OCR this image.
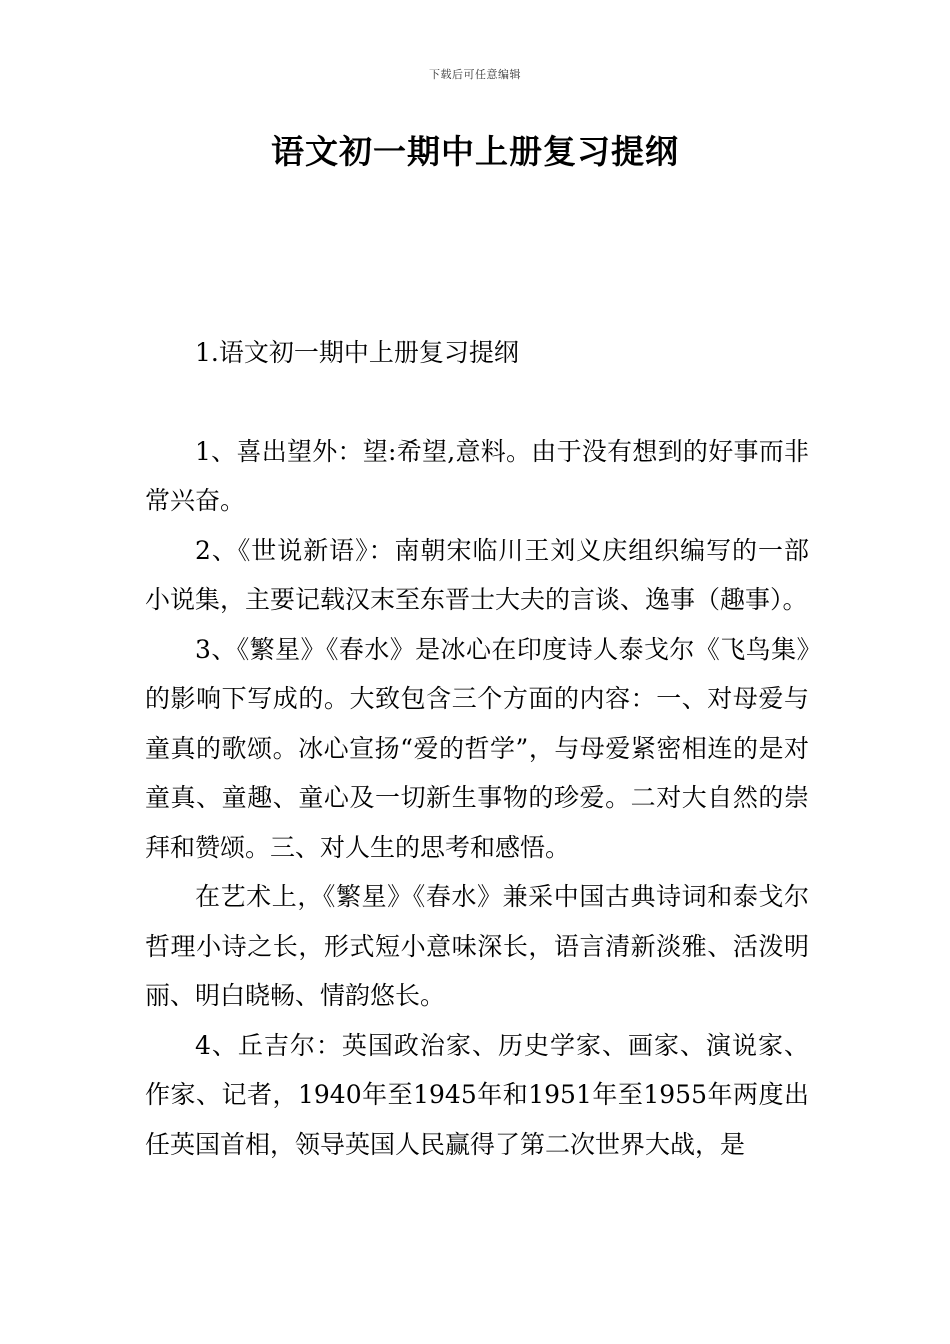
下载后可任意编辑
语文初一期中上册复习提纲

1.语文初一期中上册复习提纲

1、喜出望外：望:希望,意料。由于没有想到的好事而非常兴奋。

2、《世说新语》：南朝宋临川王刘义庆组织编写的一部小说集，主要记载汉末至东晋士大夫的言谈、逸事（趣事）。

3、《繁星》《春水》是冰心在印度诗人泰戈尔《飞鸟集》的影响下写成的。大致包含三个方面的内容：一、对母爱与童真的歌颂。冰心宣扬“爱的哲学”，与母爱紧密相连的是对童真、童趣、童心及一切新生事物的珍爱。二对大自然的崇拜和赞颂。三、对人生的思考和感悟。

在艺术上，《繁星》《春水》兼采中国古典诗词和泰戈尔哲理小诗之长，形式短小意味深长，语言清新淡雅、活泼明丽、明白晓畅、情韵悠长。

4、丘吉尔：英国政治家、历史学家、画家、演说家、作家、记者，1940年至1945年和1951年至1955年两度出任英国首相，领导英国人民赢得了第二次世界大战，是
